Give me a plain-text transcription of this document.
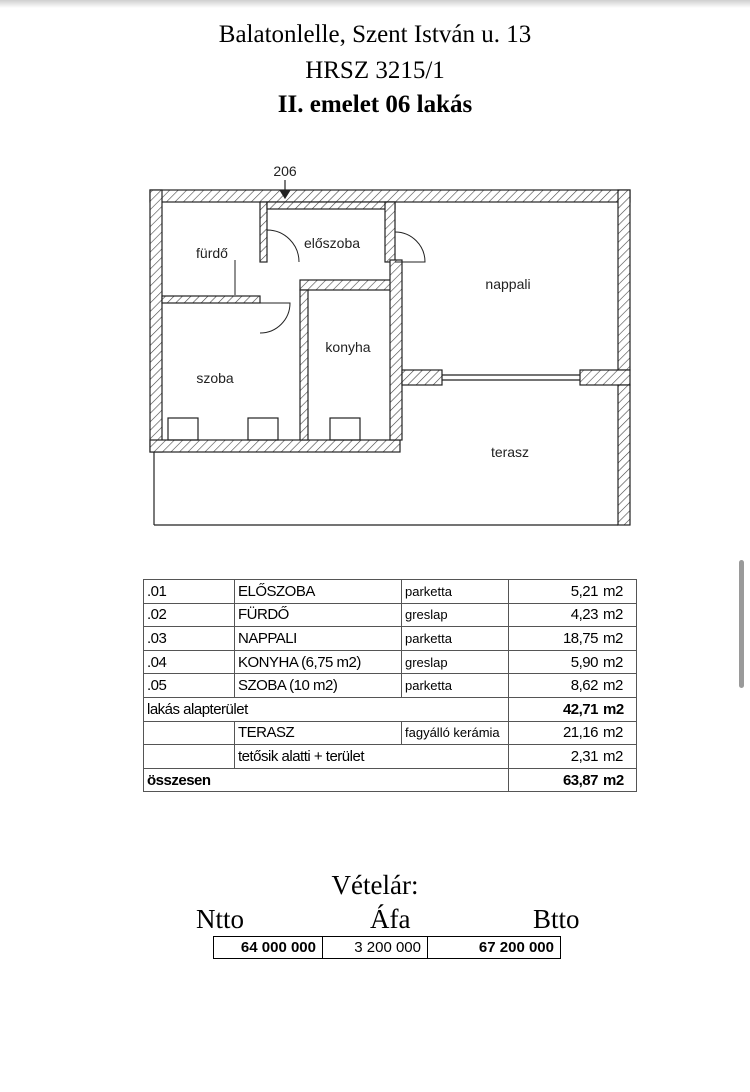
Balatonlelle, Szent István u. 13
HRSZ 3215/1
II. emelet 06 lakás
206
fürdő
előszoba
nappali
konyha
szoba
terasz
.01	ELŐSZOBA	parketta	5,21	m2
.02	FÜRDŐ	greslap	4,23	m2
.03	NAPPALI	parketta	18,75	m2
.04	KONYHA (6,75 m2)	greslap	5,90	m2
.05	SZOBA (10 m2)	parketta	8,62	m2
lakás alapterület			42,71	m2
	TERASZ	fagyálló kerámia	21,16	m2
	tetősik alatti + terület		2,31	m2
összesen			63,87	m2
Vételár:
Ntto	Áfa	Btto
64 000 000	3 200 000	67 200 000
